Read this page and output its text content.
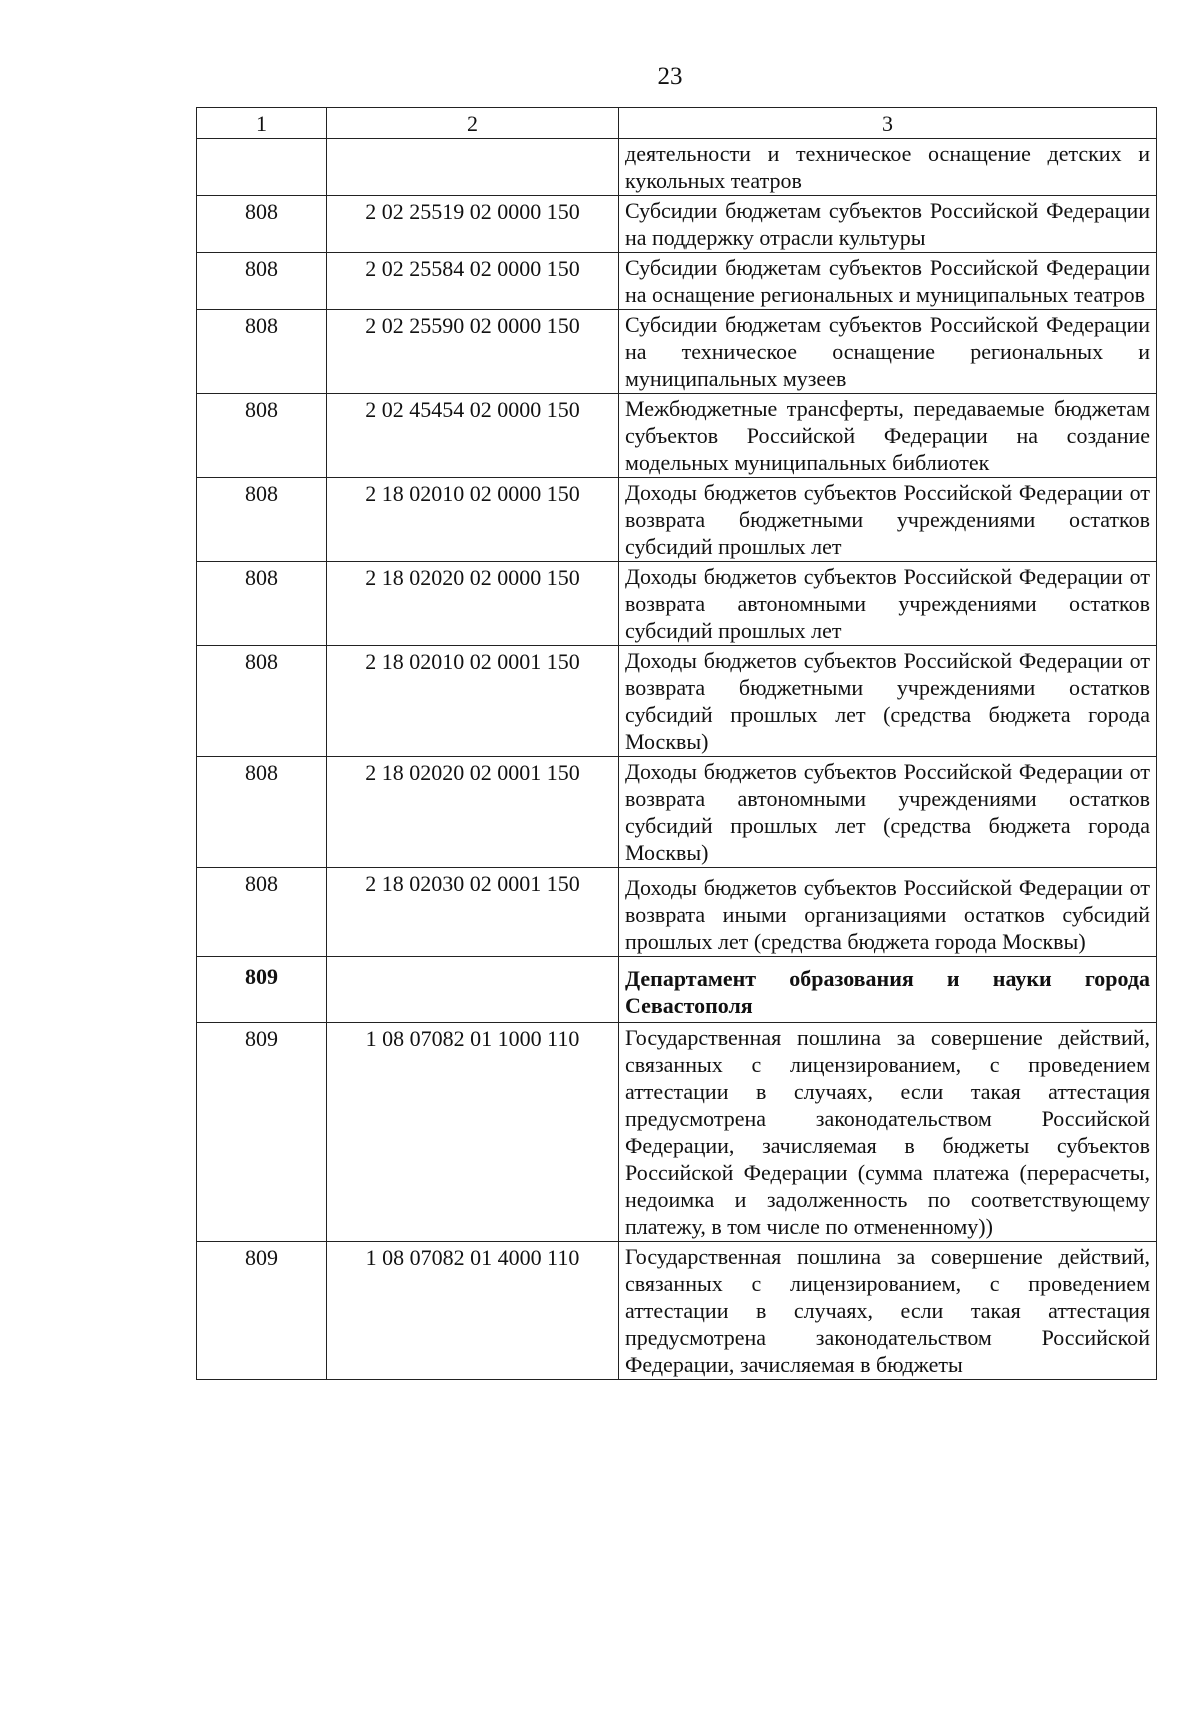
23
1	2	3
		деятельности и техническое оснащение детских и кукольных театров
808	2 02 25519 02 0000 150	Субсидии бюджетам субъектов Российской Федерации на поддержку отрасли культуры
808	2 02 25584 02 0000 150	Субсидии бюджетам субъектов Российской Федерации на оснащение региональных и муниципальных театров
808	2 02 25590 02 0000 150	Субсидии бюджетам субъектов Российской Федерации на техническое оснащение региональных и муниципальных музеев
808	2 02 45454 02 0000 150	Межбюджетные трансферты, передаваемые бюджетам субъектов Российской Федерации на создание модельных муниципальных библиотек
808	2 18 02010 02 0000 150	Доходы бюджетов субъектов Российской Федерации от возврата бюджетными учреждениями остатков субсидий прошлых лет
808	2 18 02020 02 0000 150	Доходы бюджетов субъектов Российской Федерации от возврата автономными учреждениями остатков субсидий прошлых лет
808	2 18 02010 02 0001 150	Доходы бюджетов субъектов Российской Федерации от возврата бюджетными учреждениями остатков субсидий прошлых лет (средства бюджета города Москвы)
808	2 18 02020 02 0001 150	Доходы бюджетов субъектов Российской Федерации от возврата автономными учреждениями остатков субсидий прошлых лет (средства бюджета города Москвы)
808	2 18 02030 02 0001 150	Доходы бюджетов субъектов Российской Федерации от возврата иными организациями остатков субсидий прошлых лет (средства бюджета города Москвы)
809		Департамент образования и науки города Севастополя
809	1 08 07082 01 1000 110	Государственная пошлина за совершение действий, связанных с лицензированием, с проведением аттестации в случаях, если такая аттестация предусмотрена законодательством Российской Федерации, зачисляемая в бюджеты субъектов Российской Федерации (сумма платежа (перерасчеты, недоимка и задолженность по соответствующему платежу, в том числе по отмененному))
809	1 08 07082 01 4000 110	Государственная пошлина за совершение действий, связанных с лицензированием, с проведением аттестации в случаях, если такая аттестация предусмотрена законодательством Российской Федерации, зачисляемая в бюджеты
